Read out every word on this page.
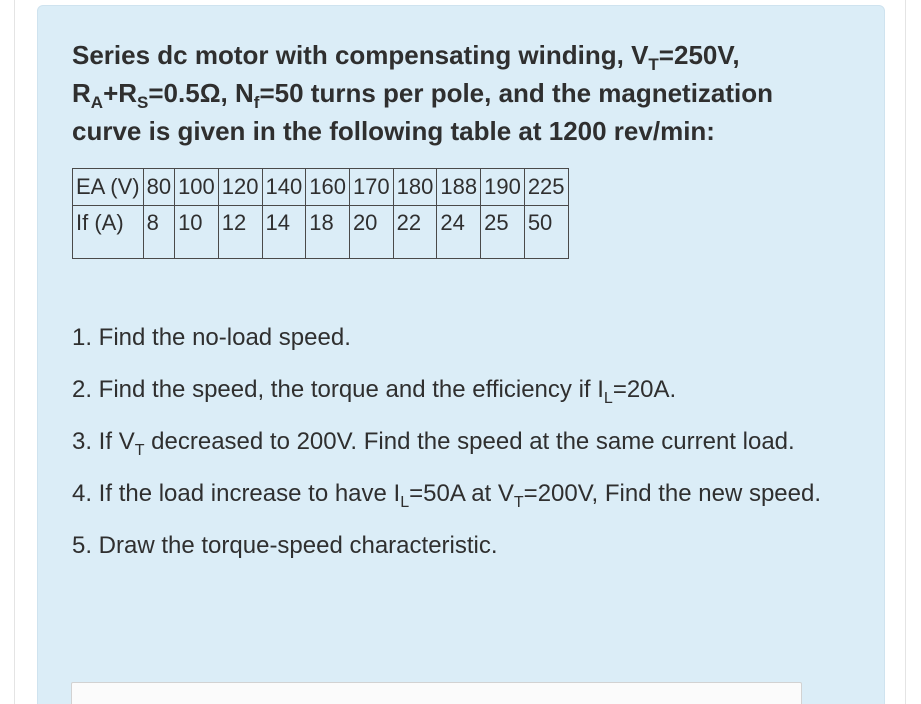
Series dc motor with compensating winding, $V_T=250V$,
$R_A+R_S=0.5\Omega$, $N_f=50$ turns per pole, and the magnetization
curve is given in the following table at 1200 rev/min:

EA (V)	80	100	120	140	160	170	180	188	190	225
If (A)	8	10	12	14	18	20	22	24	25	50
1. Find the no-load speed.
2. Find the speed, the torque and the efficiency if $I_L=20A$.
3. If $V_T$ decreased to 200V. Find the speed at the same current load.
4. If the load increase to have $I_L=50A$ at $V_T=200V$, Find the new speed.
5. Draw the torque-speed characteristic.
